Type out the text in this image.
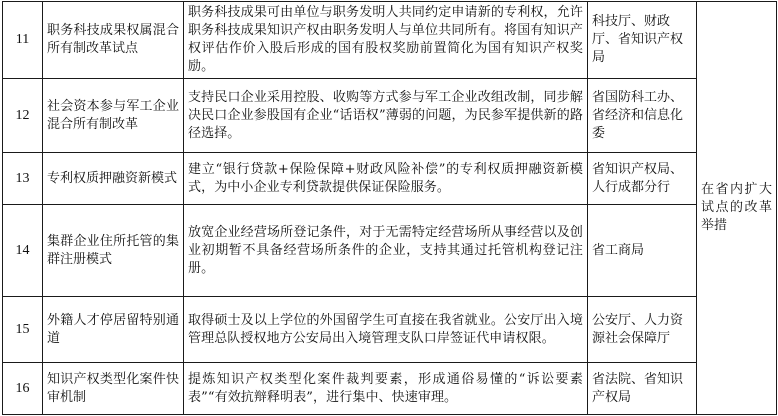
11	职务科技成果权属混合所有制改革试点	职务科技成果可由单位与职务发明人共同约定申请新的专利权，允许职务科技成果知识产权由职务发明人与单位共同所有。将国有知识产权评估作价入股后形成的国有股权奖励前置简化为国有知识产权奖励。	科技厅、财政厅、省知识产权局	在省内扩大试点的改革举措
12	社会资本参与军工企业混合所有制改革	支持民口企业采用控股、收购等方式参与军工企业改组改制，同步解决民口企业参股国有企业“话语权”薄弱的问题，为民参军提供新的路径选择。	省国防科工办、省经济和信息化委	
13	专利权质押融资新模式	建立“银行贷款+保险保障+财政风险补偿”的专利权质押融资新模式，为中小企业专利贷款提供保证保险服务。	省知识产权局、人行成都分行	
14	集群企业住所托管的集群注册模式	放宽企业经营场所登记条件，对于无需特定经营场所从事经营以及创业初期暂不具备经营场所条件的企业，支持其通过托管机构登记注册。	省工商局	
15	外籍人才停居留特别通道	取得硕士及以上学位的外国留学生可直接在我省就业。公安厅出入境管理总队授权地方公安局出入境管理支队口岸签证代申请权限。	公安厅、人力资源社会保障厅	
16	知识产权类型化案件快审机制	提炼知识产权类型化案件裁判要素，形成通俗易懂的“诉讼要素表”“有效抗辩释明表”，进行集中、快速审理。	省法院、省知识产权局	
